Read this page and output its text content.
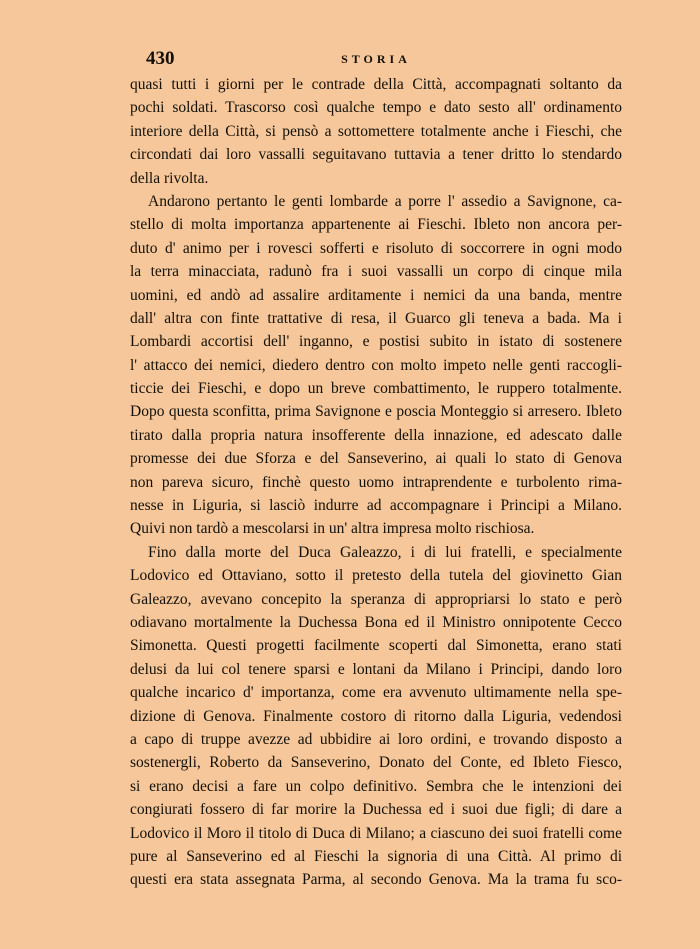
430	STORIA
quasi tutti i giorni per le contrade della Città, accompagnati soltanto da
pochi soldati. Trascorso così qualche tempo e dato sesto all' ordinamento
interiore della Città, si pensò a sottomettere totalmente anche i Fieschi, che
circondati dai loro vassalli seguitavano tuttavia a tener dritto lo stendardo
della rivolta.
Andarono pertanto le genti lombarde a porre l' assedio a Savignone, ca-
stello di molta importanza appartenente ai Fieschi. Ibleto non ancora per-
duto d' animo per i rovesci sofferti e risoluto di soccorrere in ogni modo
la terra minacciata, radunò fra i suoi vassalli un corpo di cinque mila
uomini, ed andò ad assalire arditamente i nemici da una banda, mentre
dall' altra con finte trattative di resa, il Guarco gli teneva a bada. Ma i
Lombardi accortisi dell' inganno, e postisi subito in istato di sostenere
l' attacco dei nemici, diedero dentro con molto impeto nelle genti raccogli-
ticcie dei Fieschi, e dopo un breve combattimento, le ruppero totalmente.
Dopo questa sconfitta, prima Savignone e poscia Monteggio si arresero. Ibleto
tirato dalla propria natura insofferente della innazione, ed adescato dalle
promesse dei due Sforza e del Sanseverino, ai quali lo stato di Genova
non pareva sicuro, finchè questo uomo intraprendente e turbolento rima-
nesse in Liguria, si lasciò indurre ad accompagnare i Principi a Milano.
Quivi non tardò a mescolarsi in un' altra impresa molto rischiosa.
Fino dalla morte del Duca Galeazzo, i di lui fratelli, e specialmente
Lodovico ed Ottaviano, sotto il pretesto della tutela del giovinetto Gian
Galeazzo, avevano concepito la speranza di appropriarsi lo stato e però
odiavano mortalmente la Duchessa Bona ed il Ministro onnipotente Cecco
Simonetta. Questi progetti facilmente scoperti dal Simonetta, erano stati
delusi da lui col tenere sparsi e lontani da Milano i Principi, dando loro
qualche incarico d' importanza, come era avvenuto ultimamente nella spe-
dizione di Genova. Finalmente costoro di ritorno dalla Liguria, vedendosi
a capo di truppe avezze ad ubbidire ai loro ordini, e trovando disposto a
sostenergli, Roberto da Sanseverino, Donato del Conte, ed Ibleto Fiesco,
si erano decisi a fare un colpo definitivo. Sembra che le intenzioni dei
congiurati fossero di far morire la Duchessa ed i suoi due figli; di dare a
Lodovico il Moro il titolo di Duca di Milano; a ciascuno dei suoi fratelli come
pure al Sanseverino ed al Fieschi la signoria di una Città. Al primo di
questi era stata assegnata Parma, al secondo Genova. Ma la trama fu sco-
